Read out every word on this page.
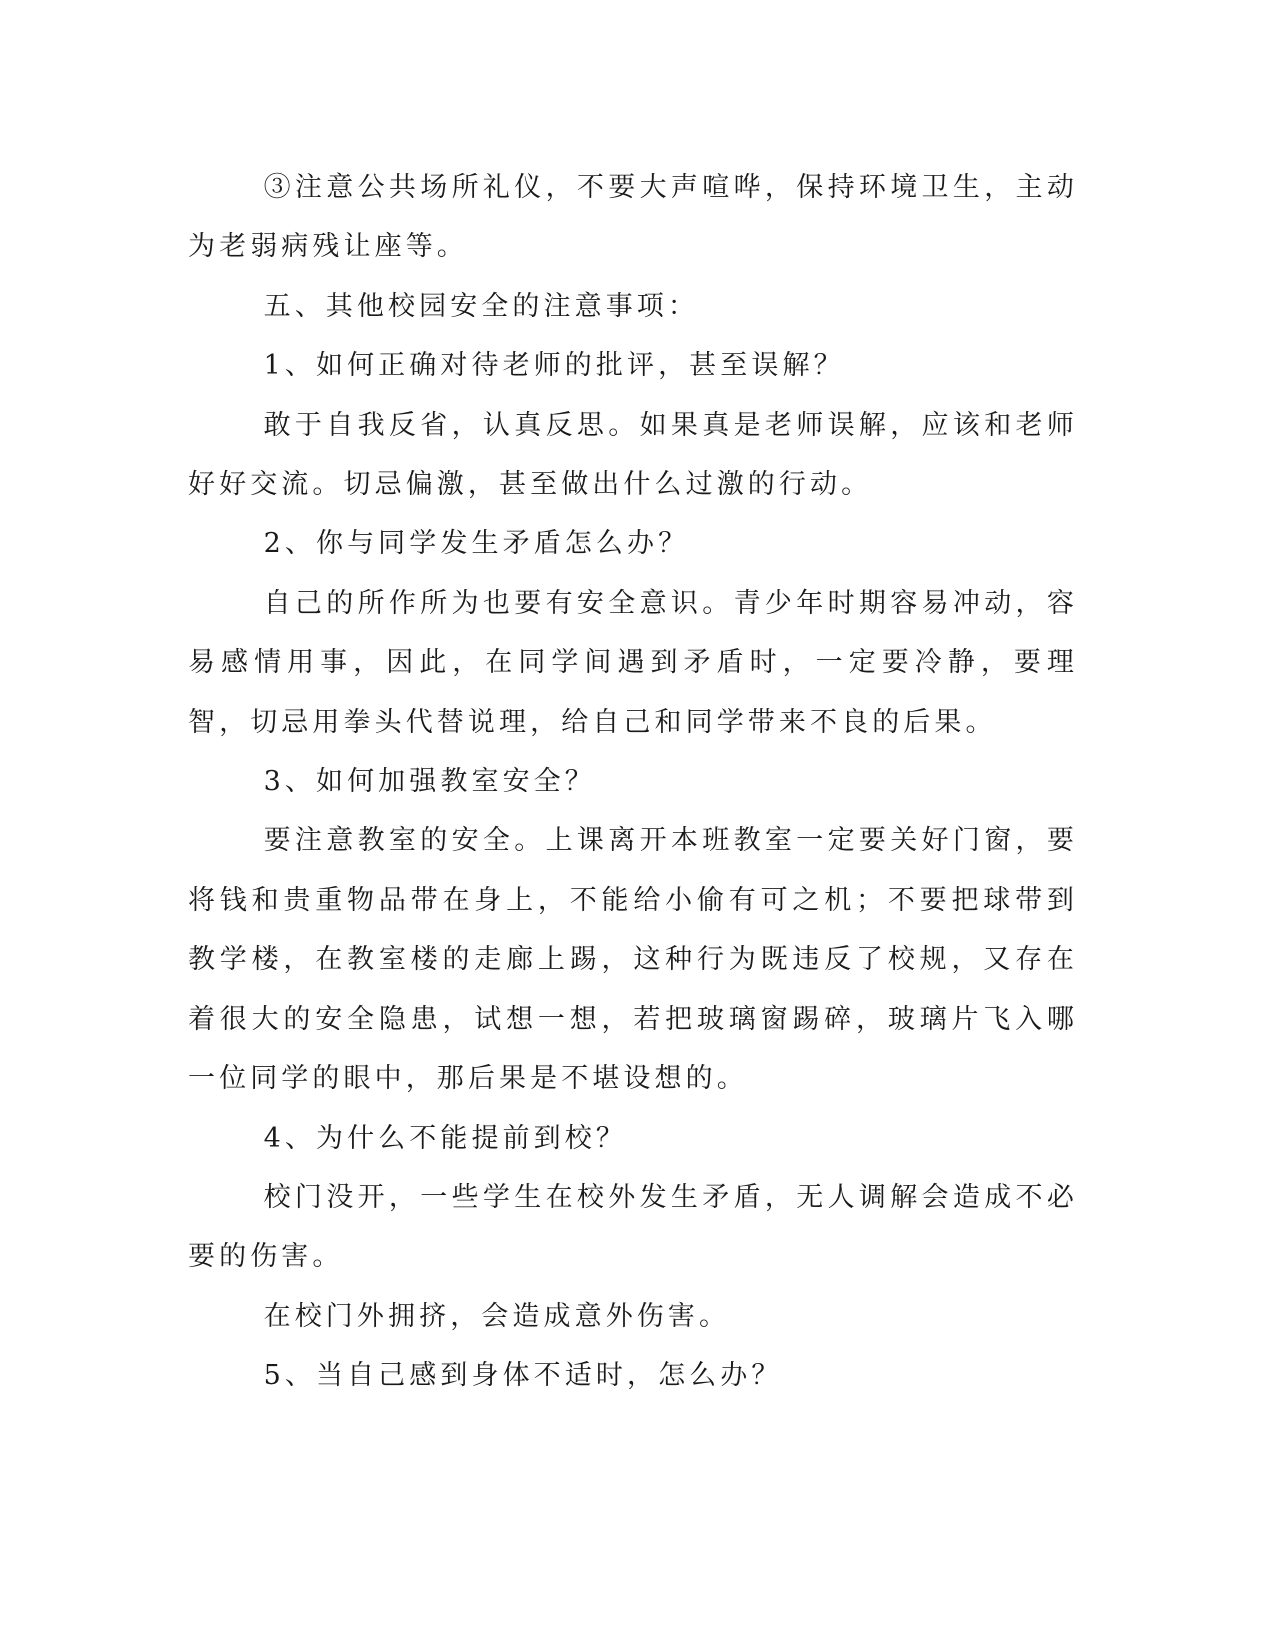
③注意公共场所礼仪，不要大声喧哗，保持环境卫生，主动为老弱病残让座等。

五、其他校园安全的注意事项：

1、如何正确对待老师的批评，甚至误解？

敢于自我反省，认真反思。如果真是老师误解，应该和老师好好交流。切忌偏激，甚至做出什么过激的行动。

2、你与同学发生矛盾怎么办？

自己的所作所为也要有安全意识。青少年时期容易冲动，容易感情用事，因此，在同学间遇到矛盾时，一定要冷静，要理智，切忌用拳头代替说理，给自己和同学带来不良的后果。

3、如何加强教室安全？

要注意教室的安全。上课离开本班教室一定要关好门窗，要将钱和贵重物品带在身上，不能给小偷有可之机；不要把球带到教学楼，在教室楼的走廊上踢，这种行为既违反了校规，又存在着很大的安全隐患，试想一想，若把玻璃窗踢碎，玻璃片飞入哪一位同学的眼中，那后果是不堪设想的。

4、为什么不能提前到校？

校门没开，一些学生在校外发生矛盾，无人调解会造成不必要的伤害。

在校门外拥挤，会造成意外伤害。

5、当自己感到身体不适时，怎么办？
